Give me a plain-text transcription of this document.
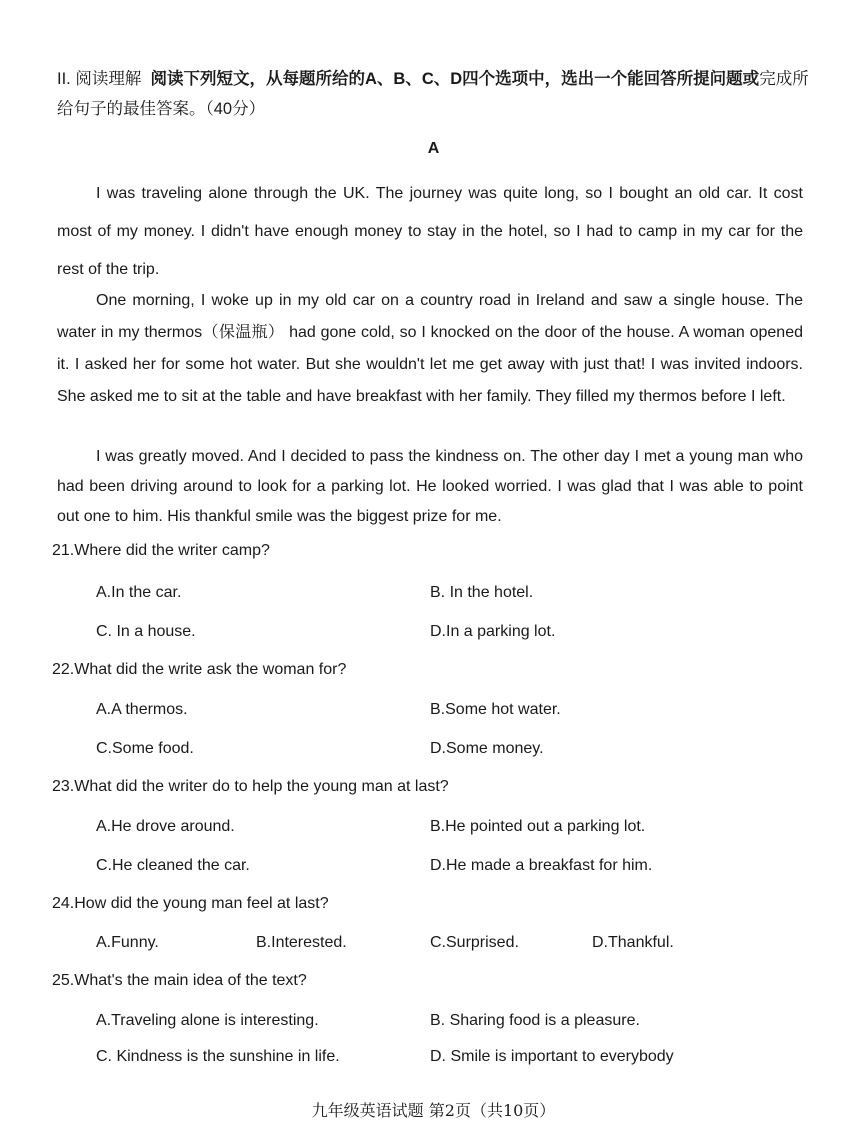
II. 阅读理解 阅读下列短文，从每题所给的A、B、C、D四个选项中，选出一个能回答所提问题或完成所给句子的最佳答案。（40分）
A
I was traveling alone through the UK. The journey was quite long, so I bought an old car. It cost most of my money. I didn't have enough money to stay in the hotel, so I had to camp in my car for the rest of the trip.
One morning, I woke up in my old car on a country road in Ireland and saw a single house. The water in my thermos（保温瓶） had gone cold, so I knocked on the door of the house. A woman opened it. I asked her for some hot water. But she wouldn't let me get away with just that! I was invited indoors. She asked me to sit at the table and have breakfast with her family. They filled my thermos before I left.
I was greatly moved. And I decided to pass the kindness on. The other day I met a young man who had been driving around to look for a parking lot. He looked worried. I was glad that I was able to point out one to him. His thankful smile was the biggest prize for me.
21.Where did the writer camp?
A.In the car.	B. In the hotel.
C. In a house.	D.In a parking lot.
22.What did the write ask the woman for?
A.A thermos.	B.Some hot water.
C.Some food.	D.Some money.
23.What did the writer do to help the young man at last?
A.He drove around.	B.He pointed out a parking lot.
C.He cleaned the car.	D.He made a breakfast for him.
24.How did the young man feel at last?
A.Funny.	B.Interested.	C.Surprised.	D.Thankful.
25.What's the main idea of the text?
A.Traveling alone is interesting.	B. Sharing food is a pleasure.
C. Kindness is the sunshine in life.	D. Smile is important to everybody
九年级英语试题 第2页（共10页）
